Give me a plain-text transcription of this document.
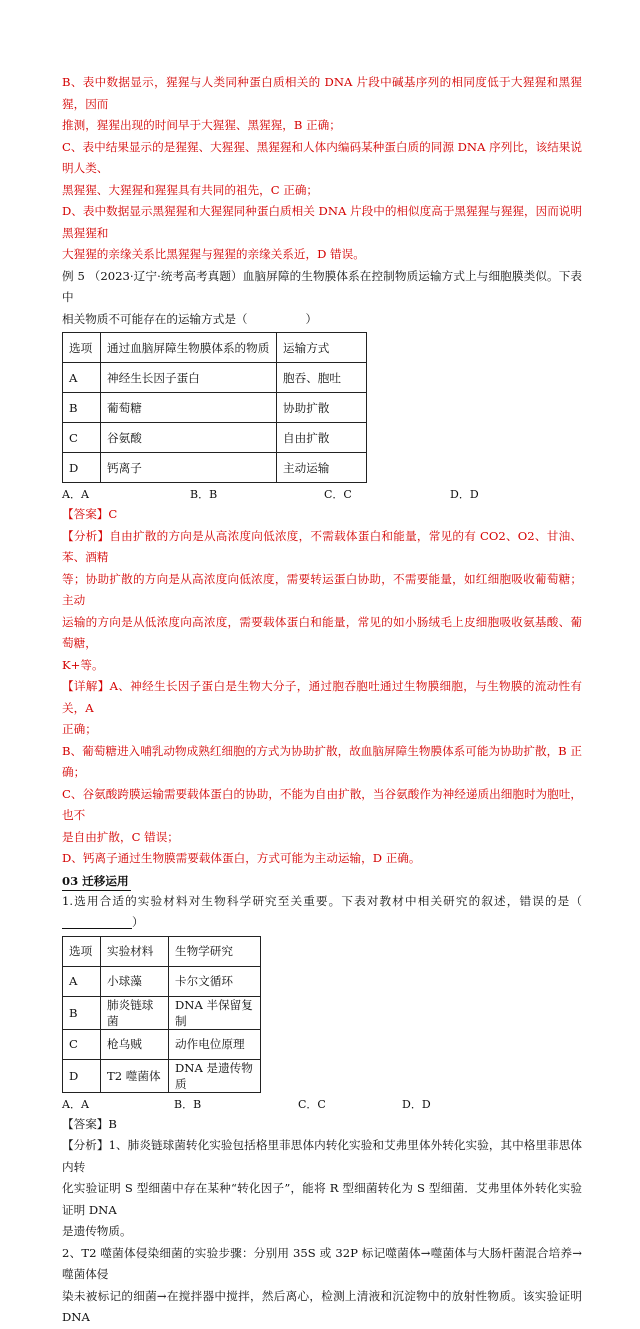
B、表中数据显示，猩猩与人类同种蛋白质相关的 DNA 片段中碱基序列的相同度低于大猩猩和黑猩猩，因而
推测，猩猩出现的时间早于大猩猩、黑猩猩，B 正确；
C、表中结果显示的是猩猩、大猩猩、黑猩猩和人体内编码某种蛋白质的同源 DNA 序列比，该结果说明人类、
黑猩猩、大猩猩和猩猩具有共同的祖先，C 正确；
D、表中数据显示黑猩猩和大猩猩同种蛋白质相关 DNA 片段中的相似度高于黑猩猩与猩猩，因而说明黑猩猩和
大猩猩的亲缘关系比黑猩猩与猩猩的亲缘关系近，D 错误。
例 5 （2023·辽宁·统考高考真题）血脑屏障的生物膜体系在控制物质运输方式上与细胞膜类似。下表中
相关物质不可能存在的运输方式是（	）
选项	通过血脑屏障生物膜体系的物质	运输方式
A	神经生长因子蛋白	胞吞、胞吐
B	葡萄糖	协助扩散
C	谷氨酸	自由扩散
D	钙离子	主动运输
A．A	B．B	C．C	D．D
【答案】C
【分析】自由扩散的方向是从高浓度向低浓度，不需载体蛋白和能量，常见的有 CO2、O2、甘油、苯、酒精
等；协助扩散的方向是从高浓度向低浓度，需要转运蛋白协助，不需要能量，如红细胞吸收葡萄糖；主动
运输的方向是从低浓度向高浓度，需要载体蛋白和能量，常见的如小肠绒毛上皮细胞吸收氨基酸、葡萄糖，
K+等。
【详解】A、神经生长因子蛋白是生物大分子，通过胞吞胞吐通过生物膜细胞，与生物膜的流动性有关，A
正确；
B、葡萄糖进入哺乳动物成熟红细胞的方式为协助扩散，故血脑屏障生物膜体系可能为协助扩散，B 正确；
C、谷氨酸跨膜运输需要载体蛋白的协助，不能为自由扩散，当谷氨酸作为神经递质出细胞时为胞吐，也不
是自由扩散，C 错误；
D、钙离子通过生物膜需要载体蛋白，方式可能为主动运输，D 正确。
03 迁移运用
1.选用合适的实验材料对生物科学研究至关重要。下表对教材中相关研究的叙述，错误的是（）
选项	实验材料	生物学研究
A	小球藻	卡尔文循环
B	肺炎链球菌	DNA 半保留复制
C	枪乌贼	动作电位原理
D	T2 噬菌体	DNA 是遗传物质
A．A	B．B	C．C	D．D
【答案】B
【分析】1、肺炎链球菌转化实验包括格里菲思体内转化实验和艾弗里体外转化实验，其中格里菲思体内转
化实验证明 S 型细菌中存在某种“转化因子”，能将 R 型细菌转化为 S 型细菌．艾弗里体外转化实验证明 DNA
是遗传物质。
2、T2 噬菌体侵染细菌的实验步骤：分别用 35S 或 32P 标记噬菌体→噬菌体与大肠杆菌混合培养→噬菌体侵
染未被标记的细菌→在搅拌器中搅拌，然后离心，检测上清液和沉淀物中的放射性物质。该实验证明 DNA
